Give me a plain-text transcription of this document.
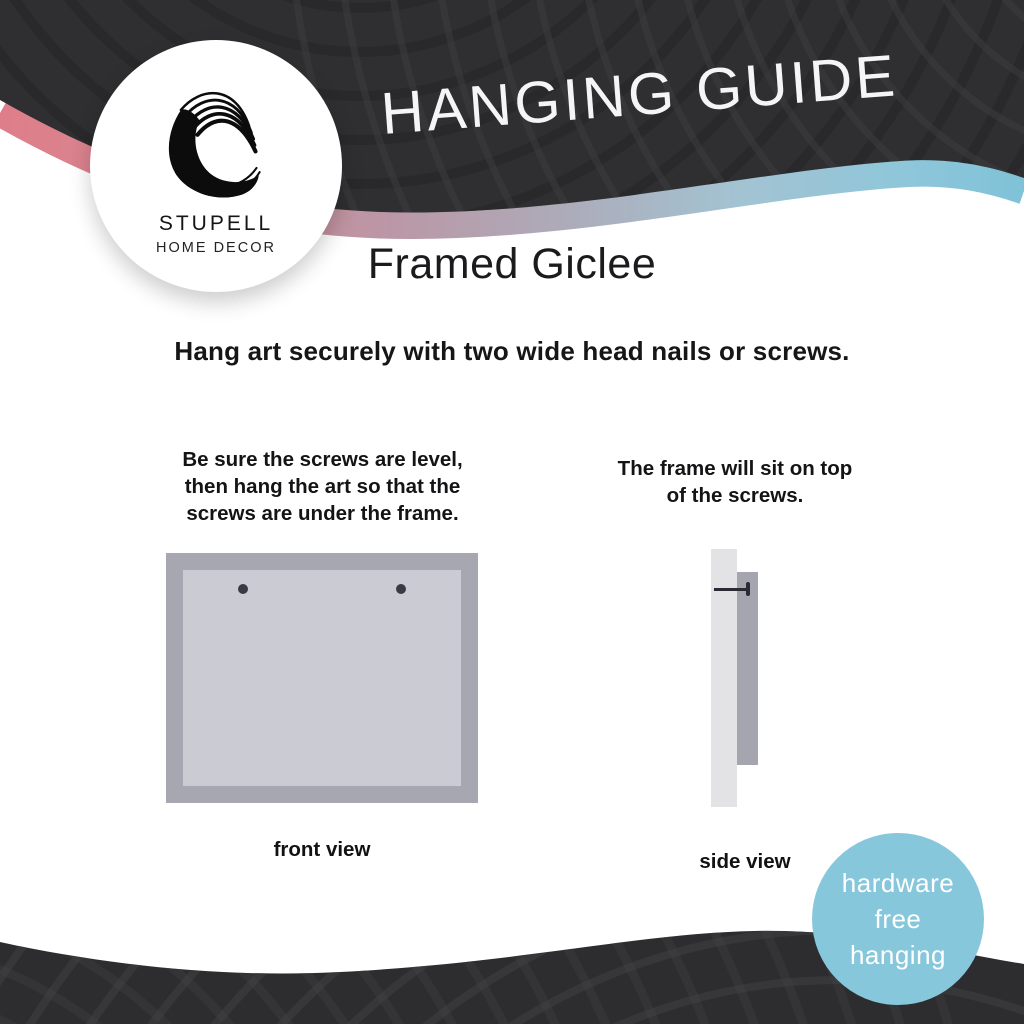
HANGING GUIDE
STUPELL
HOME DECOR	Framed Giclee
Hang art securely with two wide head nails or screws.
Be sure the screws are level,
then hang the art so that the
screws are under the frame.
The frame will sit on top
of the screws.
front view
side view
hardware
free
hanging
